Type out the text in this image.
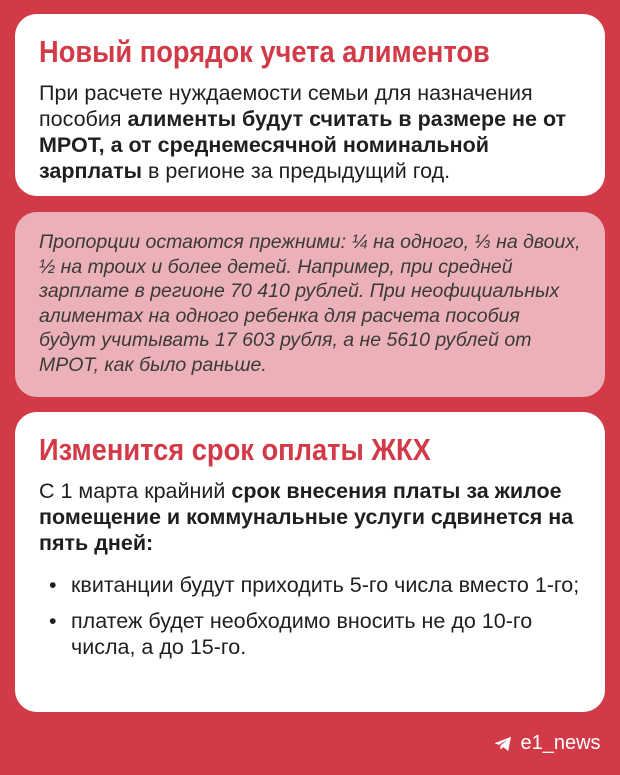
Новый порядок учета алиментов

При расчете нуждаемости семьи для назначения пособия алименты будут считать в размере не от МРОТ, а от среднемесячной номинальной зарплаты в регионе за предыдущий год.

Пропорции остаются прежними: ¼ на одного, ⅓ на двоих, ½ на троих и более детей. Например, при средней зарплате в регионе 70 410 рублей. При неофициальных алиментах на одного ребенка для расчета пособия будут учитывать 17 603 рубля, а не 5610 рублей от МРОТ, как было раньше.

Изменится срок оплаты ЖКХ

С 1 марта крайний срок внесения платы за жилое помещение и коммунальные услуги сдвинется на пять дней:

• квитанции будут приходить 5-го числа вместо 1-го;
• платеж будет необходимо вносить не до 10-го числа, а до 15-го.
e1_news
